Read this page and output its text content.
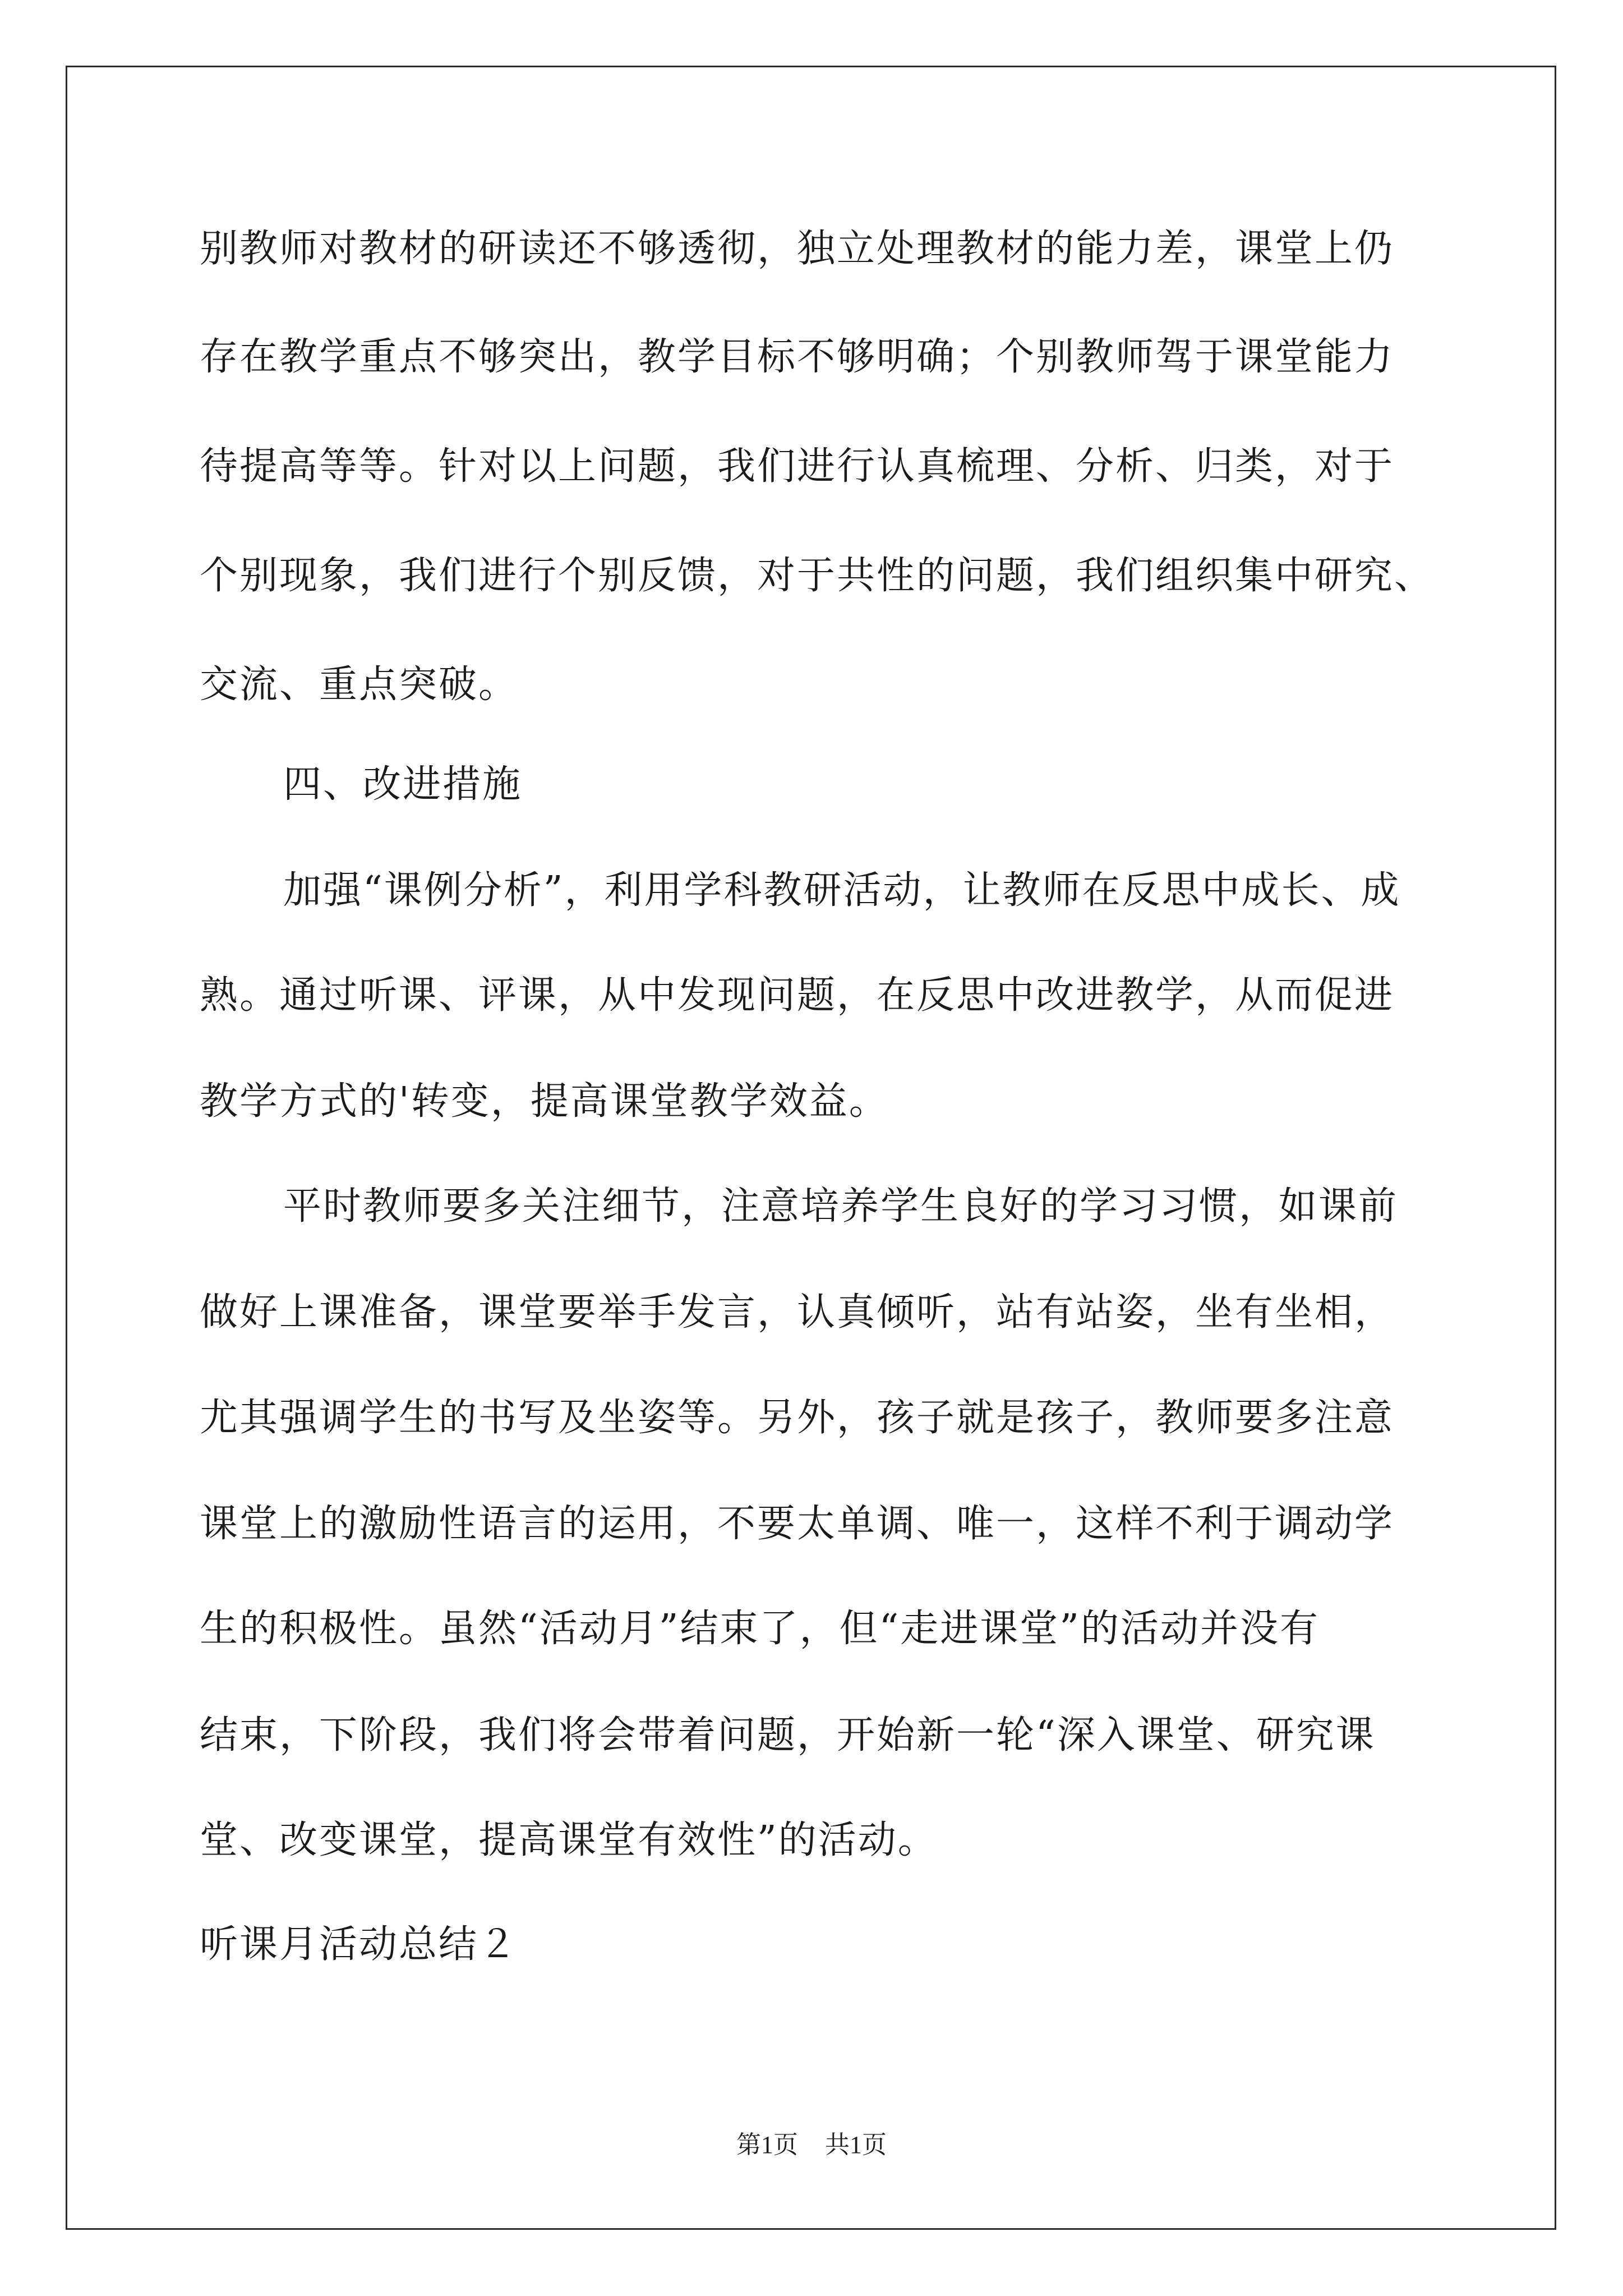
别教师对教材的研读还不够透彻，独立处理教材的能力差，课堂上仍
存在教学重点不够突出，教学目标不够明确；个别教师驾于课堂能力
待提高等等。针对以上问题，我们进行认真梳理、分析、归类，对于
个别现象，我们进行个别反馈，对于共性的问题，我们组织集中研究、
交流、重点突破。
四、改进措施
加强“课例分析”，利用学科教研活动，让教师在反思中成长、成
熟。通过听课、评课，从中发现问题，在反思中改进教学，从而促进
教学方式的'转变，提高课堂教学效益。
平时教师要多关注细节，注意培养学生良好的学习习惯，如课前
做好上课准备，课堂要举手发言，认真倾听，站有站姿，坐有坐相，
尤其强调学生的书写及坐姿等。另外，孩子就是孩子，教师要多注意
课堂上的激励性语言的运用，不要太单调、唯一，这样不利于调动学
生的积极性。虽然“活动月”结束了，但“走进课堂”的活动并没有
结束，下阶段，我们将会带着问题，开始新一轮“深入课堂、研究课
堂、改变课堂，提高课堂有效性”的活动。
听课月活动总结２
第1页 共1页
